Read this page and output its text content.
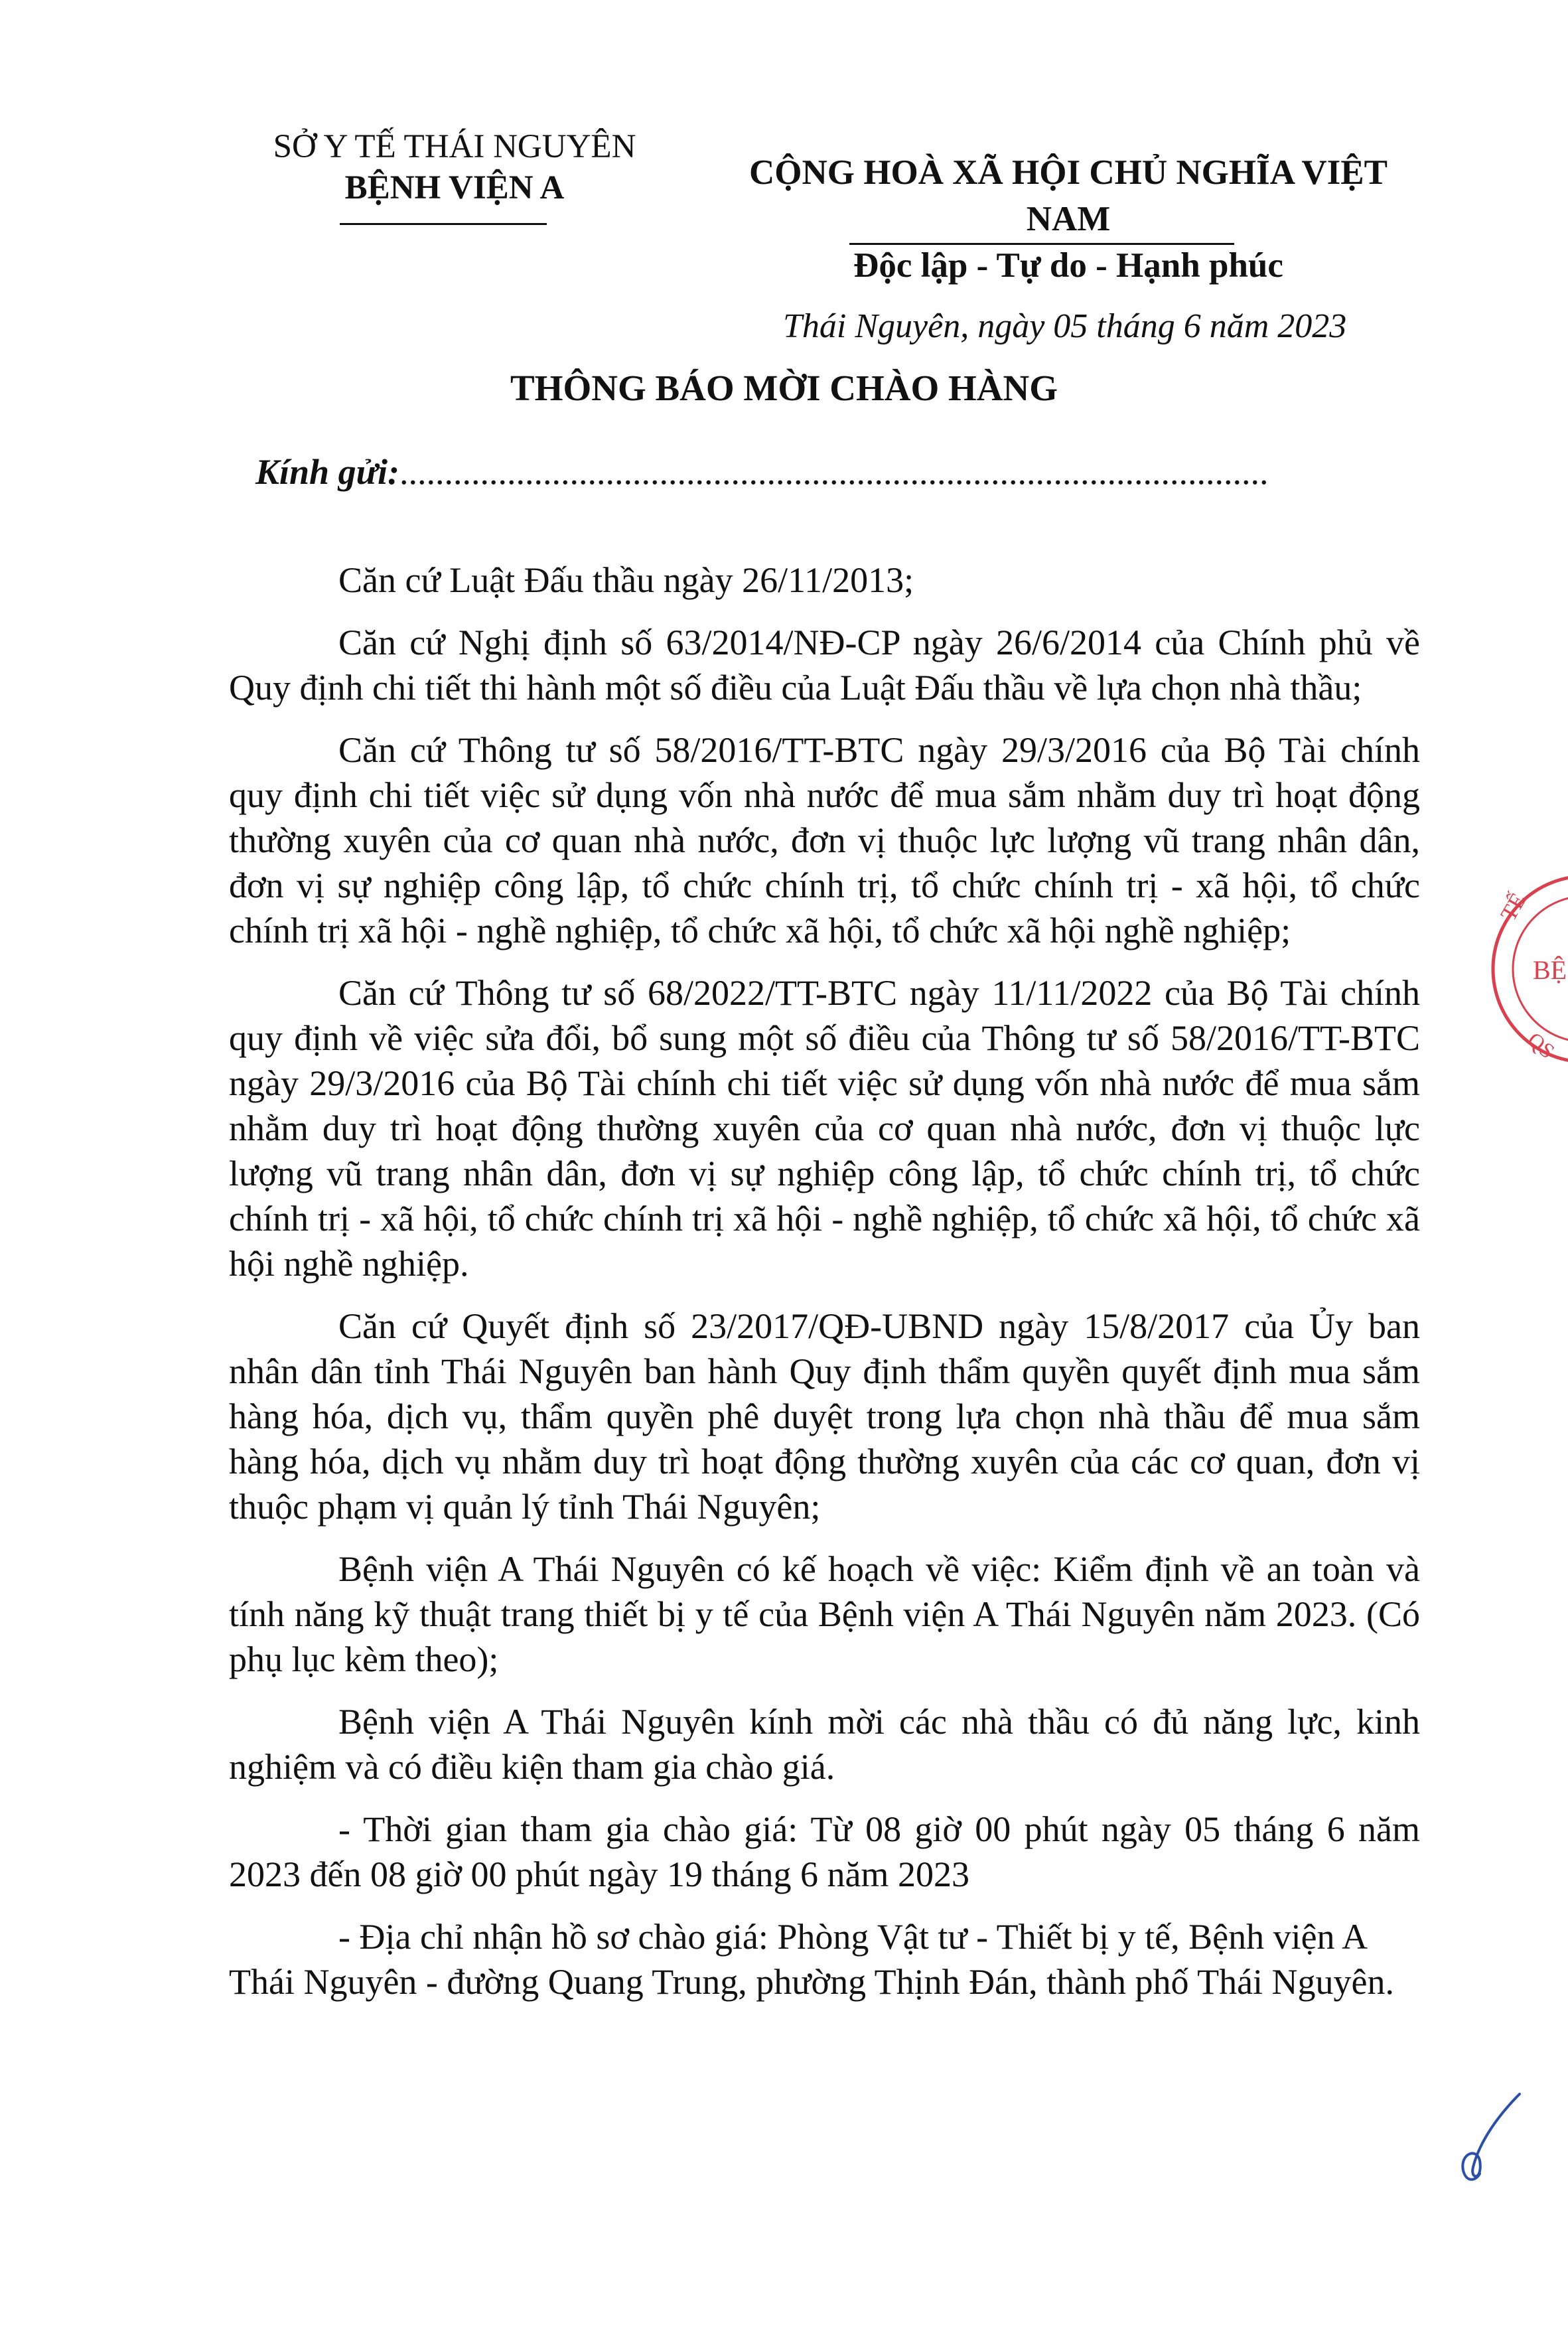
SỞ Y TẾ THÁI NGUYÊN
BỆNH VIỆN A	CỘNG HOÀ XÃ HỘI CHỦ NGHĨA VIỆT NAM
Độc lập - Tự do - Hạnh phúc
Thái Nguyên, ngày 05 tháng 6 năm 2023
THÔNG BÁO MỜI CHÀO HÀNG
Kính gửi:.................................................................................................

Căn cứ Luật Đấu thầu ngày 26/11/2013;

Căn cứ Nghị định số 63/2014/NĐ-CP ngày 26/6/2014 của Chính phủ về Quy định chi tiết thi hành một số điều của Luật Đấu thầu về lựa chọn nhà thầu;

Căn cứ Thông tư số 58/2016/TT-BTC ngày 29/3/2016 của Bộ Tài chính quy định chi tiết việc sử dụng vốn nhà nước để mua sắm nhằm duy trì hoạt động thường xuyên của cơ quan nhà nước, đơn vị thuộc lực lượng vũ trang nhân dân, đơn vị sự nghiệp công lập, tổ chức chính trị, tổ chức chính trị - xã hội, tổ chức chính trị xã hội - nghề nghiệp, tổ chức xã hội, tổ chức xã hội nghề nghiệp;

Căn cứ Thông tư số 68/2022/TT-BTC ngày 11/11/2022 của Bộ Tài chính quy định về việc sửa đổi, bổ sung một số điều của Thông tư số 58/2016/TT-BTC ngày 29/3/2016 của Bộ Tài chính chi tiết việc sử dụng vốn nhà nước để mua sắm nhằm duy trì hoạt động thường xuyên của cơ quan nhà nước, đơn vị thuộc lực lượng vũ trang nhân dân, đơn vị sự nghiệp công lập, tổ chức chính trị, tổ chức chính trị - xã hội, tổ chức chính trị xã hội - nghề nghiệp, tổ chức xã hội, tổ chức xã hội nghề nghiệp.

Căn cứ Quyết định số 23/2017/QĐ-UBND ngày 15/8/2017 của Ủy ban nhân dân tỉnh Thái Nguyên ban hành Quy định thẩm quyền quyết định mua sắm hàng hóa, dịch vụ, thẩm quyền phê duyệt trong lựa chọn nhà thầu để mua sắm hàng hóa, dịch vụ nhằm duy trì hoạt động thường xuyên của các cơ quan, đơn vị thuộc phạm vị quản lý tỉnh Thái Nguyên;

Bệnh viện A Thái Nguyên có kế hoạch về việc: Kiểm định về an toàn và tính năng kỹ thuật trang thiết bị y tế của Bệnh viện A Thái Nguyên năm 2023. (Có phụ lục kèm theo);

Bệnh viện A Thái Nguyên kính mời các nhà thầu có đủ năng lực, kinh nghiệm và có điều kiện tham gia chào giá.

- Thời gian tham gia chào giá: Từ 08 giờ 00 phút ngày 05 tháng 6 năm 2023 đến 08 giờ 00 phút ngày 19 tháng 6 năm 2023

- Địa chỉ nhận hồ sơ chào giá: Phòng Vật tư - Thiết bị y tế, Bệnh viện A Thái Nguyên - đường Quang Trung, phường Thịnh Đán, thành phố Thái Nguyên.

TẾ
BỆ
QS
